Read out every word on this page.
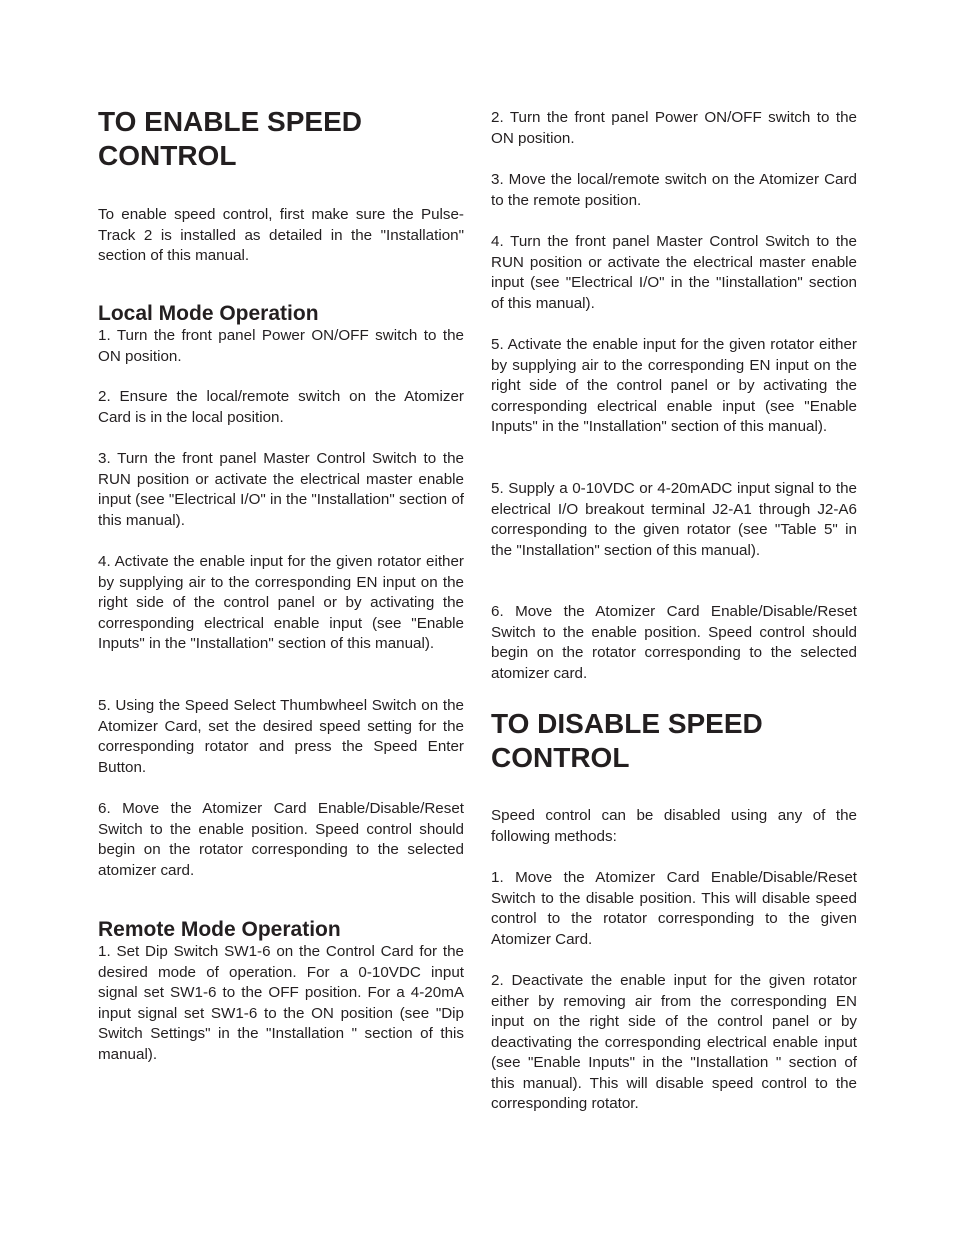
TO ENABLE SPEED CONTROL

To enable speed control, first make sure the Pulse-Track 2 is installed as detailed in the "Installation" section of this manual.

Local Mode Operation

1. Turn the front panel Power ON/OFF switch to the ON position.

2. Ensure the local/remote switch on the Atomizer Card is in the local position.

3. Turn the front panel Master Control Switch to the RUN position or activate the electrical master enable input (see "Electrical I/O" in the "Installation" section of this manual).

4. Activate the enable input for the given rotator either by supplying air to the corresponding EN input on the right side of the control panel or by activating the corresponding electrical enable input (see "Enable Inputs" in the "Installation" section of this manual).

5. Using the Speed Select Thumbwheel Switch on the Atomizer Card, set the desired speed setting for the corresponding rotator and press the Speed Enter Button.

6. Move the Atomizer Card Enable/Disable/Reset Switch to the enable position. Speed control should begin on the rotator corresponding to the selected atomizer card.

Remote Mode Operation

1. Set Dip Switch SW1-6 on the Control Card for the desired mode of operation. For a 0-10VDC input signal set SW1-6 to the OFF position. For a 4-20mA input signal set SW1-6 to the ON position (see "Dip Switch Settings" in the "Installation " section of this manual).

2. Turn the front panel Power ON/OFF switch to the ON position.

3. Move the local/remote switch on the Atomizer Card to the remote position.

4. Turn the front panel Master Control Switch to the RUN position or activate the electrical master enable input (see "Electrical I/O" in the "Iinstallation" section of this manual).

5. Activate the enable input for the given rotator either by supplying air to the corresponding EN input on the right side of the control panel or by activating the corresponding electrical enable input (see "Enable Inputs" in the "Installation" section of this manual).

5. Supply a 0-10VDC or 4-20mADC input signal to the electrical I/O breakout terminal J2-A1 through J2-A6 corresponding to the given rotator (see "Table 5" in the "Installation" section of this manual).

6. Move the Atomizer Card Enable/Disable/Reset Switch to the enable position. Speed control should begin on the rotator corresponding to the selected atomizer card.

TO DISABLE SPEED CONTROL

Speed control can be disabled using any of the following methods:

1. Move the Atomizer Card Enable/Disable/Reset Switch to the disable position. This will disable speed control to the rotator corresponding to the given Atomizer Card.

2. Deactivate the enable input for the given rotator either by removing air from the corresponding EN input on the right side of the control panel or by deactivating the corresponding electrical enable input (see "Enable Inputs" in the "Installation " section of this manual). This will disable speed control to the corresponding rotator.
